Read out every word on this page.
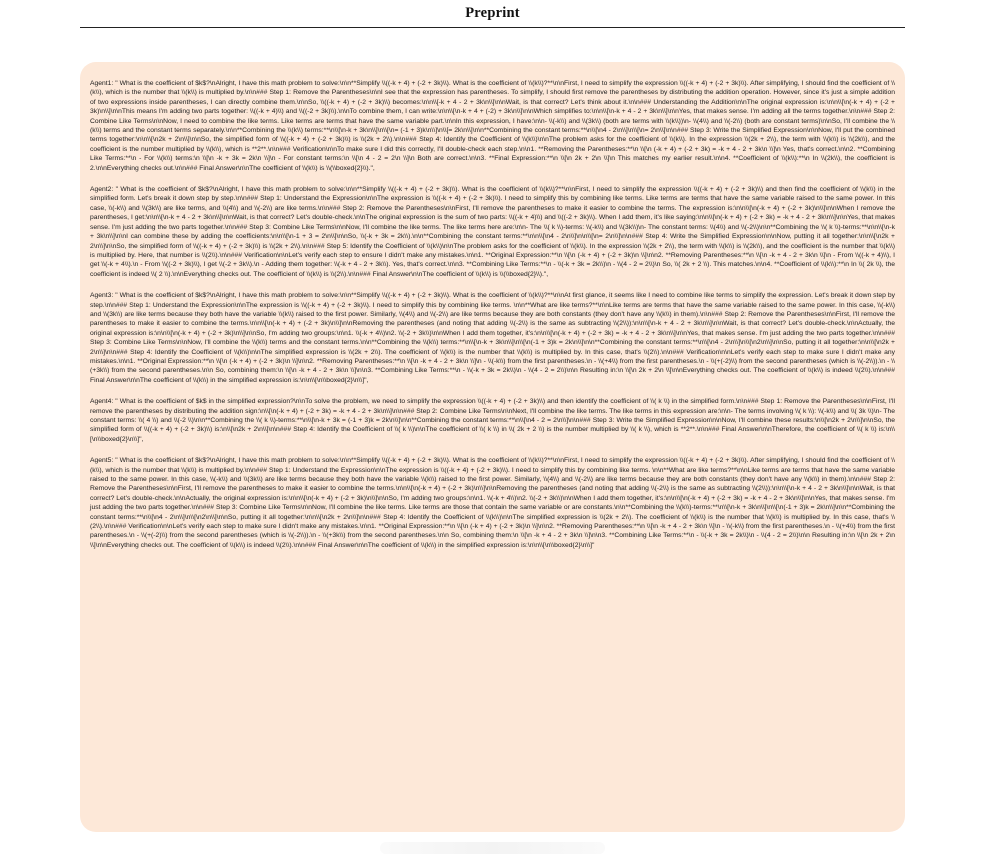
Preprint

Agent1: " What is the coefficient of $k$?\nAlright, I have this math problem to solve:\n\n**Simplify \\((-k + 4) + (-2 + 3k)\\). What is the coefficient of \\(k\\)?**\n\nFirst, I need to simplify the expression \\((-k + 4) + (-2 + 3k)\\). After simplifying, I should find the coefficient of \\(k\\), which is the number that \\(k\\) is multiplied by.\n\n### Step 1: Remove the Parentheses\n\nI see that the expression has parentheses. To simplify, I should first remove the parentheses by distributing the addition operation. However, since it's just a simple addition of two expressions inside parentheses, I can directly combine them.\n\nSo, \\((-k + 4) + (-2 + 3k)\\) becomes:\n\n\\[-k + 4 - 2 + 3k\n\\]\n\nWait, is that correct? Let's think about it.\n\n### Understanding the Addition\n\nThe original expression is:\n\n\\[\n(-k + 4) + (-2 + 3k)\n\\]\n\nThis means I'm adding two parts together: \\((-k + 4)\\) and \\((-2 + 3k)\\).\n\nTo combine them, I can write:\n\n\\[\n-k + 4 + (-2) + 3k\n\\]\n\nWhich simplifies to:\n\n\\[\n-k + 4 - 2 + 3k\n\\]\n\nYes, that makes sense. I'm adding all the terms together.\n\n### Step 2: Combine Like Terms\n\nNow, I need to combine the like terms. Like terms are terms that have the same variable part.\n\nIn this expression, I have:\n\n- \\(-k\\) and \\(3k\\) (both are terms with \\(k\\))\n- \\(4\\) and \\(-2\\) (both are constant terms)\n\nSo, I'll combine the \\(k\\) terms and the constant terms separately.\n\n**Combining the \\(k\\) terms:**\n\\[\n-k + 3k\n\\]\n\\[\n= (-1 + 3)k\n\\]\n\\[= 2k\n\\]\n\n**Combining the constant terms:**\n\\[\n4 - 2\n\\]\n\\[\n= 2\n\\]\n\n### Step 3: Write the Simplified Expression\n\nNow, I'll put the combined terms together:\n\n\\[\n2k + 2\n\\]\n\nSo, the simplified form of \\((-k + 4) + (-2 + 3k)\\) is \\(2k + 2\\).\n\n### Step 4: Identify the Coefficient of \\(k\\)\n\nThe problem asks for the coefficient of \\(k\\). In the expression \\(2k + 2\\), the term with \\(k\\) is \\(2k\\), and the coefficient is the number multiplied by \\(k\\), which is **2**.\n\n### Verification\n\nTo make sure I did this correctly, I'll double-check each step.\n\n1. **Removing the Parentheses:**\n \\[\n (-k + 4) + (-2 + 3k) = -k + 4 - 2 + 3k\n \\]\n Yes, that's correct.\n\n2. **Combining Like Terms:**\n - For \\(k\\) terms:\n \\[\n -k + 3k = 2k\n \\]\n - For constant terms:\n \\[\n 4 - 2 = 2\n \\]\n Both are correct.\n\n3. **Final Expression:**\n \\[\n 2k + 2\n \\]\n This matches my earlier result.\n\n4. **Coefficient of \\(k\\):**\n In \\(2k\\), the coefficient is 2.\n\nEverything checks out.\n\n### Final Answer\n\nThe coefficient of \\(k\\) is \\(\\boxed{2}\\).",

Agent2: " What is the coefficient of $k$?\nAlright, I have this math problem to solve:\n\n**Simplify \\((-k + 4) + (-2 + 3k)\\). What is the coefficient of \\(k\\)?**\n\nFirst, I need to simplify the expression \\((-k + 4) + (-2 + 3k)\\) and then find the coefficient of \\(k\\) in the simplified form. Let's break it down step by step.\n\n### Step 1: Understand the Expression\n\nThe expression is \\((-k + 4) + (-2 + 3k)\\). I need to simplify this by combining like terms. Like terms are terms that have the same variable raised to the same power. In this case, \\(-k\\) and \\(3k\\) are like terms, and \\(4\\) and \\(-2\\) are like terms.\n\n### Step 2: Remove the Parentheses\n\nFirst, I'll remove the parentheses to make it easier to combine the terms. The expression is:\n\n\\[\n(-k + 4) + (-2 + 3k)\n\\]\n\nWhen I remove the parentheses, I get:\n\n\\[\n-k + 4 - 2 + 3k\n\\]\n\nWait, is that correct? Let's double-check.\n\nThe original expression is the sum of two parts: \\((-k + 4)\\) and \\((-2 + 3k)\\). When I add them, it's like saying:\n\n\\[\n(-k + 4) + (-2 + 3k) = -k + 4 - 2 + 3k\n\\]\n\nYes, that makes sense. I'm just adding the two parts together.\n\n### Step 3: Combine Like Terms\n\nNow, I'll combine the like terms. The like terms here are:\n\n- The \\( k \\)-terms: \\(-k\\) and \\(3k\\)\n- The constant terms: \\(4\\) and \\(-2\\)\n\n**Combining the \\( k \\)-terms:**\n\n\\[\n-k + 3k\n\\]\n\nI can combine these by adding the coefficients:\n\n\\[\n-1 + 3 = 2\n\\]\n\nSo, \\(-k + 3k = 2k\\).\n\n**Combining the constant terms:**\n\n\\[\n4 - 2\n\\]\n\n\\[\n= 2\n\\]\n\n### Step 4: Write the Simplified Expression\n\nNow, putting it all together:\n\n\\[\n2k + 2\n\\]\n\nSo, the simplified form of \\((-k + 4) + (-2 + 3k)\\) is \\(2k + 2\\).\n\n### Step 5: Identify the Coefficient of \\(k\\)\n\nThe problem asks for the coefficient of \\(k\\). In the expression \\(2k + 2\\), the term with \\(k\\) is \\(2k\\), and the coefficient is the number that \\(k\\) is multiplied by. Here, that number is \\(2\\).\n\n### Verification\n\nLet's verify each step to ensure I didn't make any mistakes.\n\n1. **Original Expression:**\n \\[\n (-k + 4) + (-2 + 3k)\n \\]\n\n2. **Removing Parentheses:**\n \\[\n -k + 4 - 2 + 3k\n \\]\n - From \\((-k + 4)\\), I get \\(-k + 4\\).\n - From \\((-2 + 3k)\\), I get \\(-2 + 3k\\).\n - Adding them together: \\(-k + 4 - 2 + 3k\\). Yes, that's correct.\n\n3. **Combining Like Terms:**\n - \\(-k + 3k = 2k\\)\n - \\(4 - 2 = 2\\)\n So, \\( 2k + 2 \\). This matches.\n\n4. **Coefficient of \\(k\\):**\n In \\( 2k \\), the coefficient is indeed \\( 2 \\).\n\nEverything checks out. The coefficient of \\(k\\) is \\(2\\).\n\n### Final Answer\n\nThe coefficient of \\(k\\) is \\(\\boxed{2}\\).",

Agent3: " What is the coefficient of $k$?\nAlright, I have this math problem to solve:\n\n**Simplify \\((-k + 4) + (-2 + 3k)\\). What is the coefficient of \\(k\\)?**\n\nAt first glance, it seems like I need to combine like terms to simplify the expression. Let's break it down step by step.\n\n### Step 1: Understand the Expression\n\nThe expression is \\((-k + 4) + (-2 + 3k)\\). I need to simplify this by combining like terms. \n\n**What are like terms?**\n\nLike terms are terms that have the same variable raised to the same power. In this case, \\(-k\\) and \\(3k\\) are like terms because they both have the variable \\(k\\) raised to the first power. Similarly, \\(4\\) and \\(-2\\) are like terms because they are both constants (they don't have any \\(k\\) in them).\n\n### Step 2: Remove the Parentheses\n\nFirst, I'll remove the parentheses to make it easier to combine the terms.\n\n\\[\n(-k + 4) + (-2 + 3k)\n\\]\n\nRemoving the parentheses (and noting that adding \\(-2\\) is the same as subtracting \\(2\\)):\n\n\\[\n-k + 4 - 2 + 3k\n\\]\n\nWait, is that correct? Let's double-check.\n\nActually, the original expression is:\n\n\\[\n(-k + 4) + (-2 + 3k)\n\\]\n\nSo, I'm adding two groups:\n\n1. \\(-k + 4\\)\n2. \\(-2 + 3k\\)\n\nWhen I add them together, it's:\n\n\\[\n(-k + 4) + (-2 + 3k) = -k + 4 - 2 + 3k\n\\]\n\nYes, that makes sense. I'm just adding the two parts together.\n\n### Step 3: Combine Like Terms\n\nNow, I'll combine the \\(k\\) terms and the constant terms.\n\n**Combining the \\(k\\) terms:**\n\\[\n-k + 3k\n\\]\n\\[\n(-1 + 3)k = 2k\n\\]\n\n**Combining the constant terms:**\n\\[\n4 - 2\n\\]\n\\[\n2\n\\]\n\nSo, putting it all together:\n\n\\[\n2k + 2\n\\]\n\n### Step 4: Identify the Coefficient of \\(k\\)\n\nThe simplified expression is \\(2k + 2\\). The coefficient of \\(k\\) is the number that \\(k\\) is multiplied by. In this case, that's \\(2\\).\n\n### Verification\n\nLet's verify each step to make sure I didn't make any mistakes.\n\n1. **Original Expression:**\n \\[\n (-k + 4) + (-2 + 3k)\n \\]\n\n2. **Removing Parentheses:**\n \\[\n -k + 4 - 2 + 3k\n \\]\n - \\(-k\\) from the first parentheses.\n - \\(+4\\) from the first parentheses.\n - \\(+(-2)\\) from the second parentheses (which is \\(-2\\)).\n - \\(+3k\\) from the second parentheses.\n\n So, combining them:\n \\[\n -k + 4 - 2 + 3k\n \\]\n\n3. **Combining Like Terms:**\n - \\(-k + 3k = 2k\\)\n - \\(4 - 2 = 2\\)\n\n Resulting in:\n \\[\n 2k + 2\n \\]\n\nEverything checks out. The coefficient of \\(k\\) is indeed \\(2\\).\n\n### Final Answer\n\nThe coefficient of \\(k\\) in the simplified expression is:\n\n\\[\n\\boxed{2}\n\\]",

Agent4: " What is the coefficient of $k$ in the simplified expression?\n\nTo solve the problem, we need to simplify the expression \\((-k + 4) + (-2 + 3k)\\) and then identify the coefficient of \\( k \\) in the simplified form.\n\n### Step 1: Remove the Parentheses\n\nFirst, I'll remove the parentheses by distributing the addition sign:\n\\[\n(-k + 4) + (-2 + 3k) = -k + 4 - 2 + 3k\n\\]\n\n### Step 2: Combine Like Terms\n\nNext, I'll combine the like terms. The like terms in this expression are:\n\n- The terms involving \\( k \\): \\(-k\\) and \\( 3k \\)\n- The constant terms: \\( 4 \\) and \\(-2 \\)\n\n**Combining the \\( k \\)-terms:**\n\\[\n-k + 3k = (-1 + 3)k = 2k\n\\]\n\n**Combining the constant terms:**\n\\[\n4 - 2 = 2\n\\]\n\n### Step 3: Write the Simplified Expression\n\nNow, I'll combine these results:\n\\[\n2k + 2\n\\]\n\nSo, the simplified form of \\((-k + 4) + (-2 + 3k)\\) is:\n\\[\n2k + 2\n\\]\n\n### Step 4: Identify the Coefficient of \\( k \\)\n\nThe coefficient of \\( k \\) in \\( 2k + 2 \\) is the number multiplied by \\( k \\), which is **2**.\n\n### Final Answer\n\nTherefore, the coefficient of \\( k \\) is:\n\\[\n\\boxed{2}\n\\]",

Agent5: " What is the coefficient of $k$?\nAlright, I have this math problem to solve:\n\n**Simplify \\((-k + 4) + (-2 + 3k)\\). What is the coefficient of \\(k\\)?**\n\nFirst, I need to simplify the expression \\((-k + 4) + (-2 + 3k)\\). After simplifying, I should find the coefficient of \\(k\\), which is the number that \\(k\\) is multiplied by.\n\n### Step 1: Understand the Expression\n\nThe expression is \\((-k + 4) + (-2 + 3k)\\). I need to simplify this by combining like terms. \n\n**What are like terms?**\n\nLike terms are terms that have the same variable raised to the same power. In this case, \\(-k\\) and \\(3k\\) are like terms because they both have the variable \\(k\\) raised to the first power. Similarly, \\(4\\) and \\(-2\\) are like terms because they are both constants (they don't have any \\(k\\) in them).\n\n### Step 2: Remove the Parentheses\n\nFirst, I'll remove the parentheses to make it easier to combine the terms.\n\n\\[\n(-k + 4) + (-2 + 3k)\n\\]\n\nRemoving the parentheses (and noting that adding \\(-2\\) is the same as subtracting \\(2\\)):\n\n\\[\n-k + 4 - 2 + 3k\n\\]\n\nWait, is that correct? Let's double-check.\n\nActually, the original expression is:\n\n\\[\n(-k + 4) + (-2 + 3k)\n\\]\n\nSo, I'm adding two groups:\n\n1. \\(-k + 4\\)\n2. \\(-2 + 3k\\)\n\nWhen I add them together, it's:\n\n\\[\n(-k + 4) + (-2 + 3k) = -k + 4 - 2 + 3k\n\\]\n\nYes, that makes sense. I'm just adding the two parts together.\n\n### Step 3: Combine Like Terms\n\nNow, I'll combine the like terms. Like terms are those that contain the same variable or are constants.\n\n**Combining the \\(k\\)-terms:**\n\\[\n-k + 3k\n\\]\n\\[\n(-1 + 3)k = 2k\n\\]\n\n**Combining the constant terms:**\n\\[\n4 - 2\n\\]\n\\[\n2\n\\]\n\nSo, putting it all together:\n\n\\[\n2k + 2\n\\]\n\n### Step 4: Identify the Coefficient of \\(k\\)\n\nThe simplified expression is \\(2k + 2\\). The coefficient of \\(k\\) is the number that \\(k\\) is multiplied by. In this case, that's \\(2\\).\n\n### Verification\n\nLet's verify each step to make sure I didn't make any mistakes.\n\n1. **Original Expression:**\n \\[\n (-k + 4) + (-2 + 3k)\n \\]\n\n2. **Removing Parentheses:**\n \\[\n -k + 4 - 2 + 3k\n \\]\n - \\(-k\\) from the first parentheses.\n - \\(+4\\) from the first parentheses.\n - \\(+(-2)\\) from the second parentheses (which is \\(-2\\)).\n - \\(+3k\\) from the second parentheses.\n\n So, combining them:\n \\[\n -k + 4 - 2 + 3k\n \\]\n\n3. **Combining Like Terms:**\n - \\(-k + 3k = 2k\\)\n - \\(4 - 2 = 2\\)\n\n Resulting in:\n \\[\n 2k + 2\n \\]\n\nEverything checks out. The coefficient of \\(k\\) is indeed \\(2\\).\n\n### Final Answer\n\nThe coefficient of \\(k\\) in the simplified expression is:\n\n\\[\n\\boxed{2}\n\\]"
